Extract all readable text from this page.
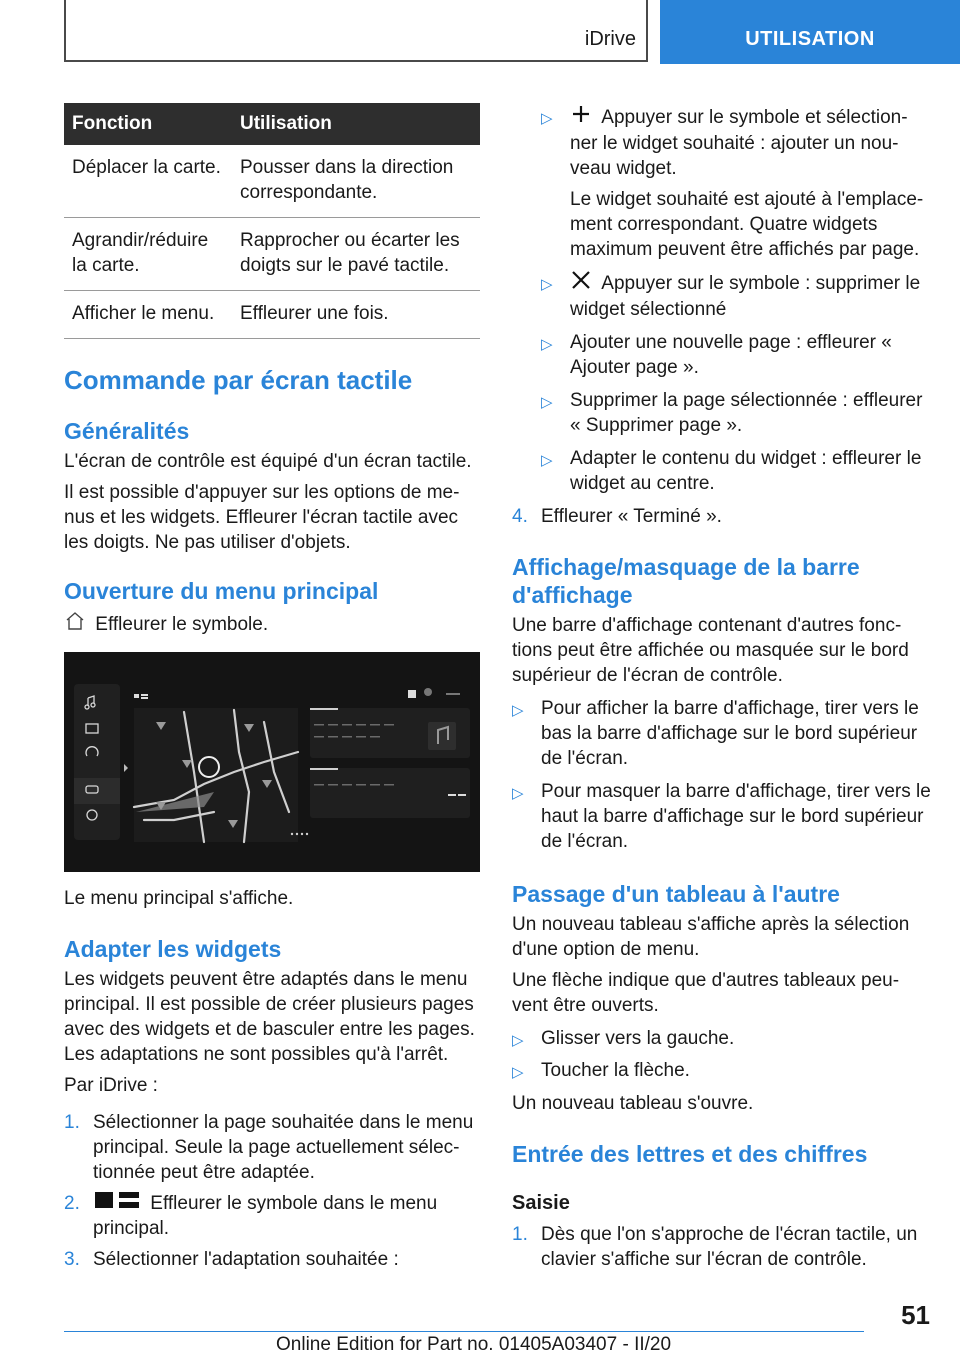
iDrive	UTILISATION
Fonction	Utilisation
Déplacer la carte.	Pousser dans la direction correspondante.
Agrandir/réduire la carte.	Rapprocher ou écarter les doigts sur le pavé tactile.
Afficher le menu.	Effleurer une fois.
Commande par écran tactile
Généralités

L'écran de contrôle est équipé d'un écran tactile.

Il est possible d'appuyer sur les options de me‐ nus et les widgets. Effleurer l'écran tactile avec les doigts. Ne pas utiliser d'objets.

Ouverture du menu principal
Effleurer le symbole.

Le menu principal s'affiche.

Adapter les widgets

Les widgets peuvent être adaptés dans le menu principal. Il est possible de créer plusieurs pages avec des widgets et de basculer entre les pages. Les adaptations ne sont possibles qu'à l'arrêt.

Par iDrive :

1. Sélectionner la page souhaitée dans le menu principal. Seule la page actuellement sélec‐ tionnée peut être adaptée.
2.	Effleurer le symbole dans le menu principal.
3. Sélectionner l'adaptation souhaitée :
▷	Appuyer sur le symbole et sélection‐ ner le widget souhaité : ajouter un nou‐ veau widget.

Le widget souhaité est ajouté à l'emplace‐ ment correspondant. Quatre widgets maximum peuvent être affichés par page.

▷	Appuyer sur le symbole : supprimer le widget sélectionné
▷ Ajouter une nouvelle page : effleurer « Ajouter page ».
▷ Supprimer la page sélectionnée : effleurer « Supprimer page ».
▷ Adapter le contenu du widget : effleurer le widget au centre.
4. Effleurer « Terminé ».
Affichage/masquage de la barre d'affichage

Une barre d'affichage contenant d'autres fonc‐ tions peut être affichée ou masquée sur le bord supérieur de l'écran de contrôle.

▷ Pour afficher la barre d'affichage, tirer vers le bas la barre d'affichage sur le bord supérieur de l'écran.
▷ Pour masquer la barre d'affichage, tirer vers le haut la barre d'affichage sur le bord supérieur de l'écran.
Passage d'un tableau à l'autre

Un nouveau tableau s'affiche après la sélection d'une option de menu.

Une flèche indique que d'autres tableaux peu‐ vent être ouverts.

▷ Glisser vers la gauche.
▷ Toucher la flèche.

Un nouveau tableau s'ouvre.

Entrée des lettres et des chiffres
Saisie
1. Dès que l'on s'approche de l'écran tactile, un clavier s'affiche sur l'écran de contrôle.
51
Online Edition for Part no. 01405A03407 - II/20
